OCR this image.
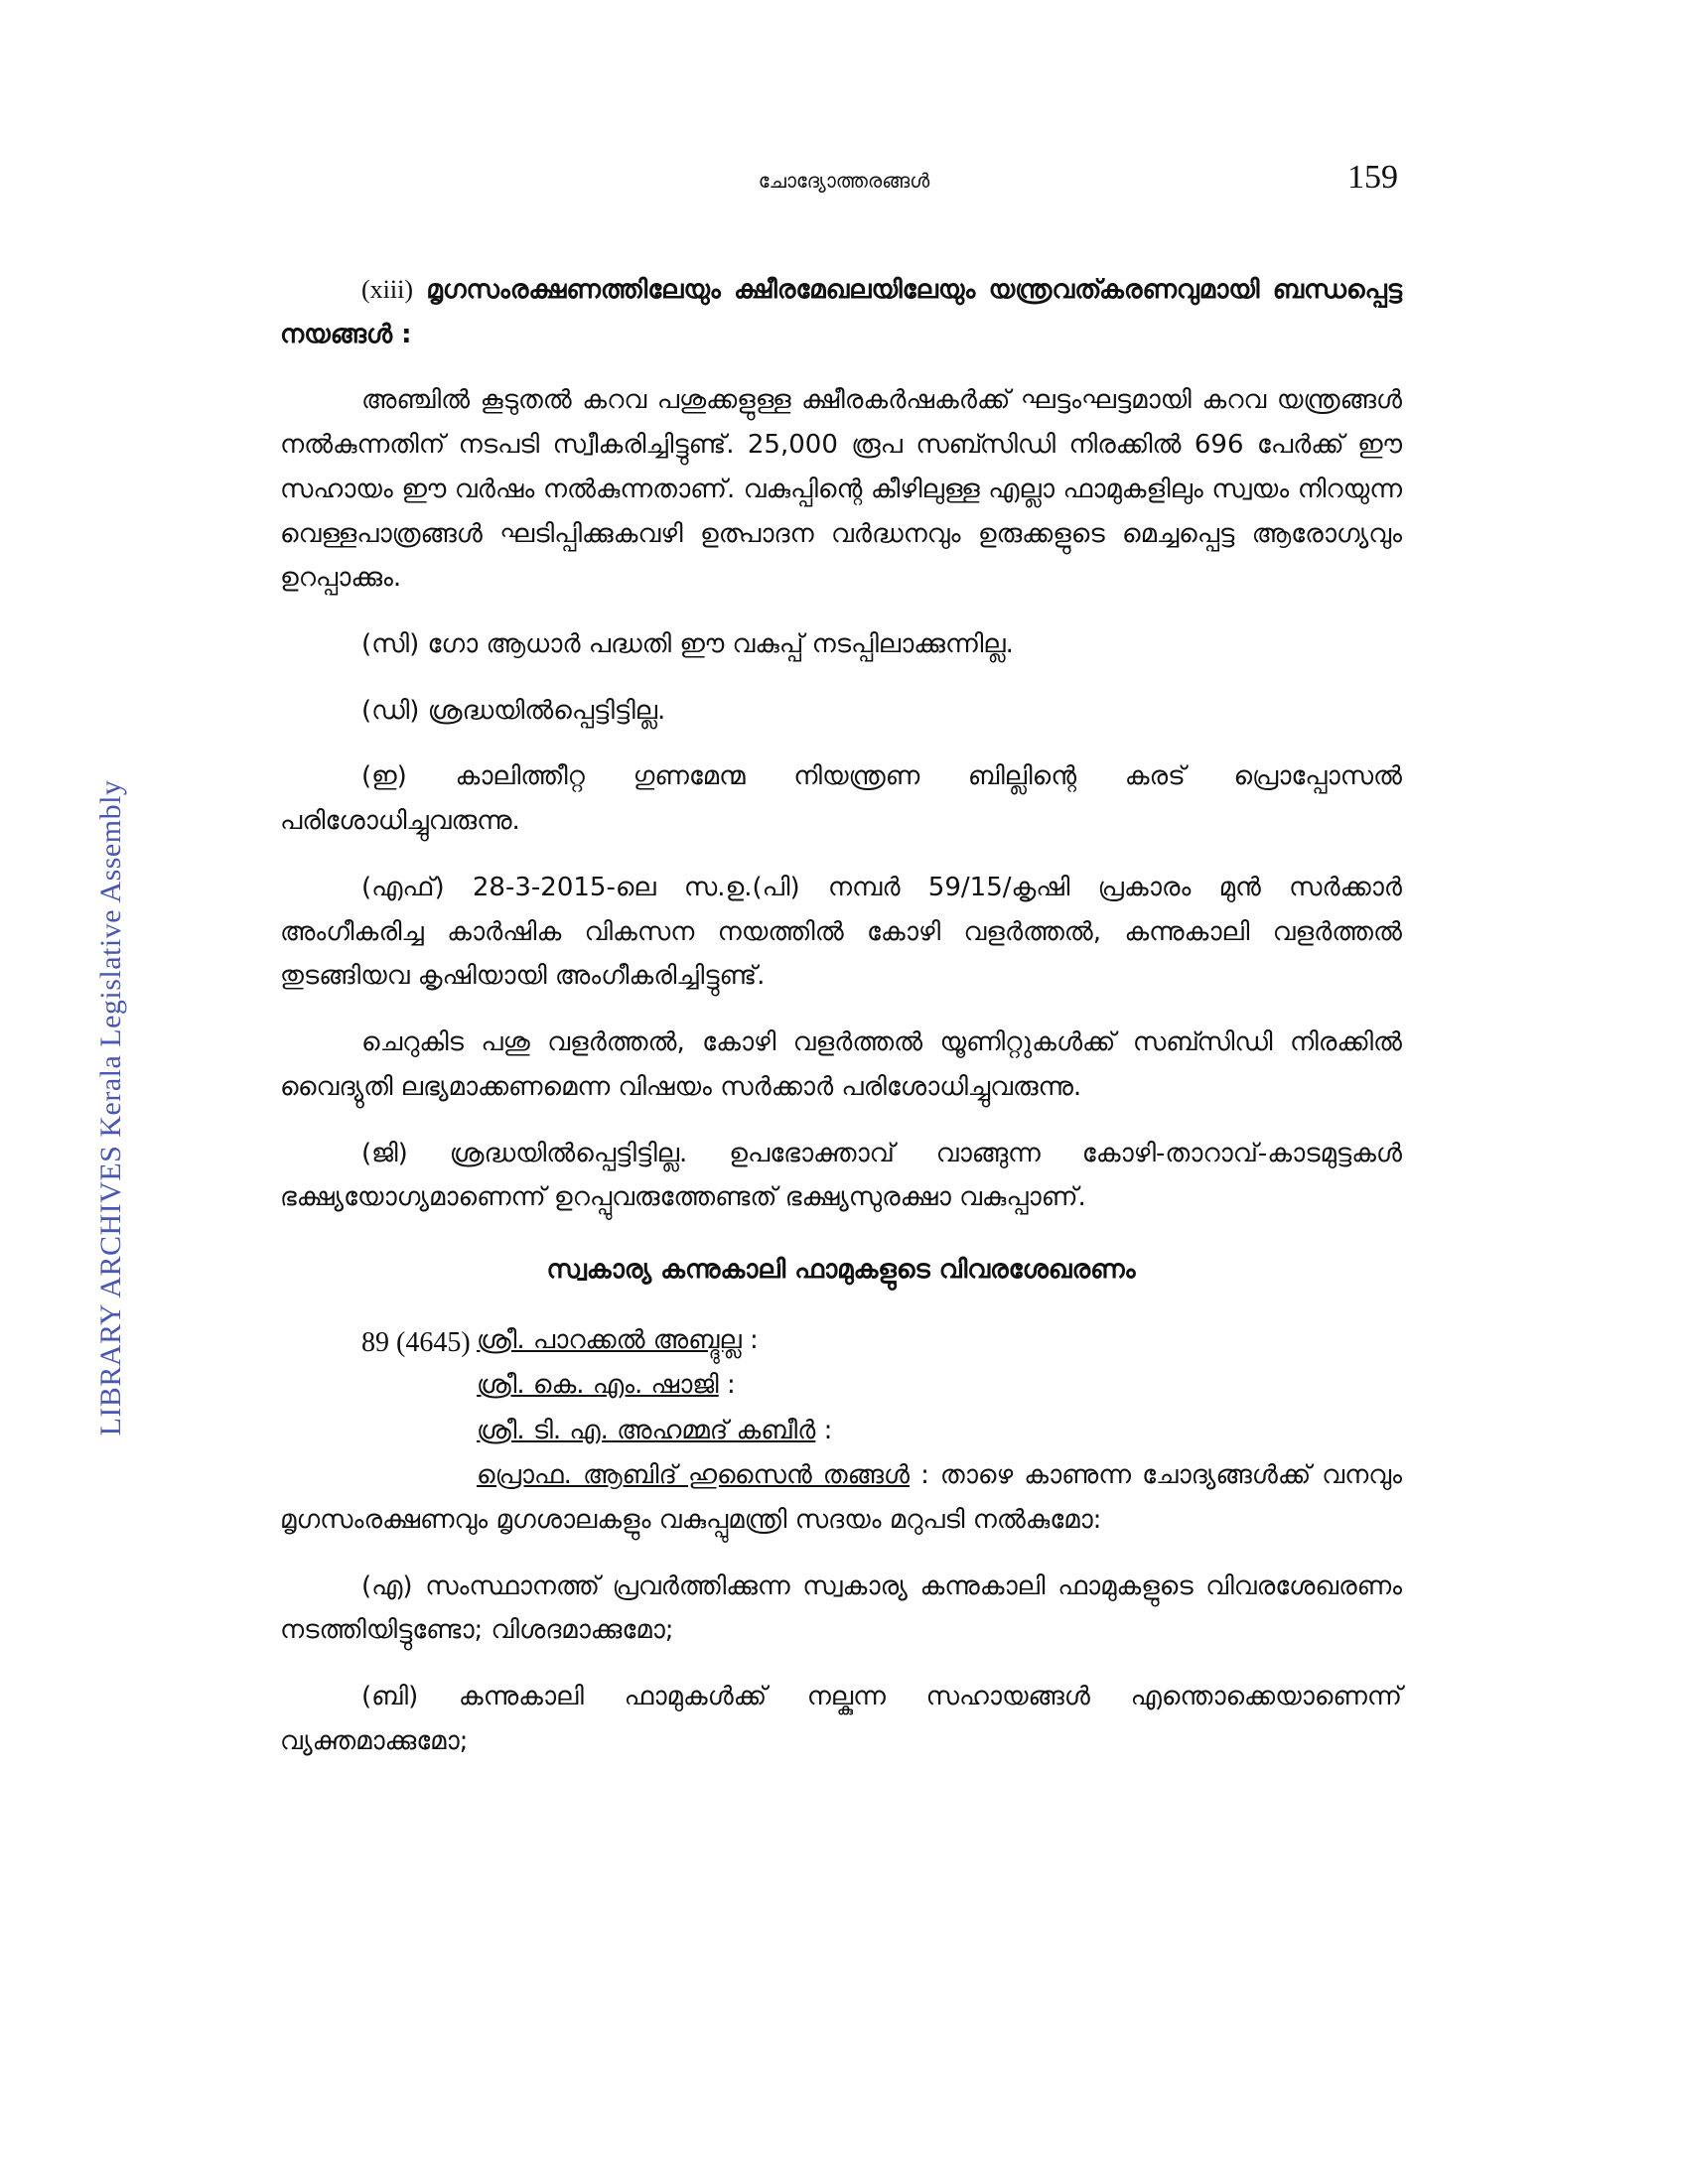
LIBRARY ARCHIVES Kerala Legislative Assembly
ചോദ്യോത്തരങ്ങൾ	159

(xiii) മൃഗസംരക്ഷണത്തിലേയും ക്ഷീരമേഖലയിലേയും യന്ത്രവത്കരണവുമായി ബന്ധപ്പെട്ട നയങ്ങൾ :

അഞ്ചിൽ കൂടുതൽ കറവ പശുക്കളുള്ള ക്ഷീരകർഷകർക്ക് ഘട്ടംഘട്ടമായി കറവ യന്ത്രങ്ങൾ നൽകുന്നതിന് നടപടി സ്വീകരിച്ചിട്ടുണ്ട്. 25,000 രൂപ സബ്സിഡി നിരക്കിൽ 696 പേർക്ക് ഈ സഹായം ഈ വർഷം നൽകുന്നതാണ്. വകുപ്പിന്റെ കീഴിലുള്ള എല്ലാ ഫാമുകളിലും സ്വയം നിറയുന്ന വെള്ളപാത്രങ്ങൾ ഘടിപ്പിക്കുകവഴി ഉത്പാദന വർദ്ധനവും ഉരുക്കളുടെ മെച്ചപ്പെട്ട ആരോഗ്യവും ഉറപ്പാക്കും.

(സി) ഗോ ആധാർ പദ്ധതി ഈ വകുപ്പ് നടപ്പിലാക്കുന്നില്ല.

(ഡി) ശ്രദ്ധയിൽപ്പെട്ടിട്ടില്ല.

(ഇ) കാലിത്തീറ്റ ഗുണമേന്മ നിയന്ത്രണ ബില്ലിന്റെ കരട് പ്രൊപ്പോസൽ പരിശോധിച്ചുവരുന്നു.

(എഫ്) 28-3-2015-ലെ സ.ഉ.(പി) നമ്പർ 59/15/കൃഷി പ്രകാരം മുൻ സർക്കാർ അംഗീകരിച്ച കാർഷിക വികസന നയത്തിൽ കോഴി വളർത്തൽ, കന്നുകാലി വളർത്തൽ തുടങ്ങിയവ കൃഷിയായി അംഗീകരിച്ചിട്ടുണ്ട്.

ചെറുകിട പശു വളർത്തൽ, കോഴി വളർത്തൽ യൂണിറ്റുകൾക്ക് സബ്സിഡി നിരക്കിൽ വൈദ്യുതി ലഭ്യമാക്കണമെന്ന വിഷയം സർക്കാർ പരിശോധിച്ചുവരുന്നു.

(ജി) ശ്രദ്ധയിൽപ്പെട്ടിട്ടില്ല. ഉപഭോക്താവ് വാങ്ങുന്ന കോഴി-താറാവ്-കാടമുട്ടകൾ ഭക്ഷ്യയോഗ്യമാണെന്ന് ഉറപ്പുവരുത്തേണ്ടത് ഭക്ഷ്യസുരക്ഷാ വകുപ്പാണ്.

സ്വകാര്യ കന്നുകാലി ഫാമുകളുടെ വിവരശേഖരണം
89 (4645) ശ്രീ. പാറക്കൽ അബ്ദുല്ല :
ശ്രീ. കെ. എം. ഷാജി :
ശ്രീ. ടി. എ. അഹമ്മദ് കബീർ :

പ്രൊഫ. ആബിദ് ഹുസൈൻ തങ്ങൾ : താഴെ കാണുന്ന ചോദ്യങ്ങൾക്ക് വനവും മൃഗസംരക്ഷണവും മൃഗശാലകളും വകുപ്പുമന്ത്രി സദയം മറുപടി നൽകുമോ:

(എ) സംസ്ഥാനത്ത് പ്രവർത്തിക്കുന്ന സ്വകാര്യ കന്നുകാലി ഫാമുകളുടെ വിവരശേഖരണം നടത്തിയിട്ടുണ്ടോ; വിശദമാക്കുമോ;

(ബി) കന്നുകാലി ഫാമുകൾക്ക് നല്കുന്ന സഹായങ്ങൾ എന്തൊക്കെയാണെന്ന് വ്യക്തമാക്കുമോ;
